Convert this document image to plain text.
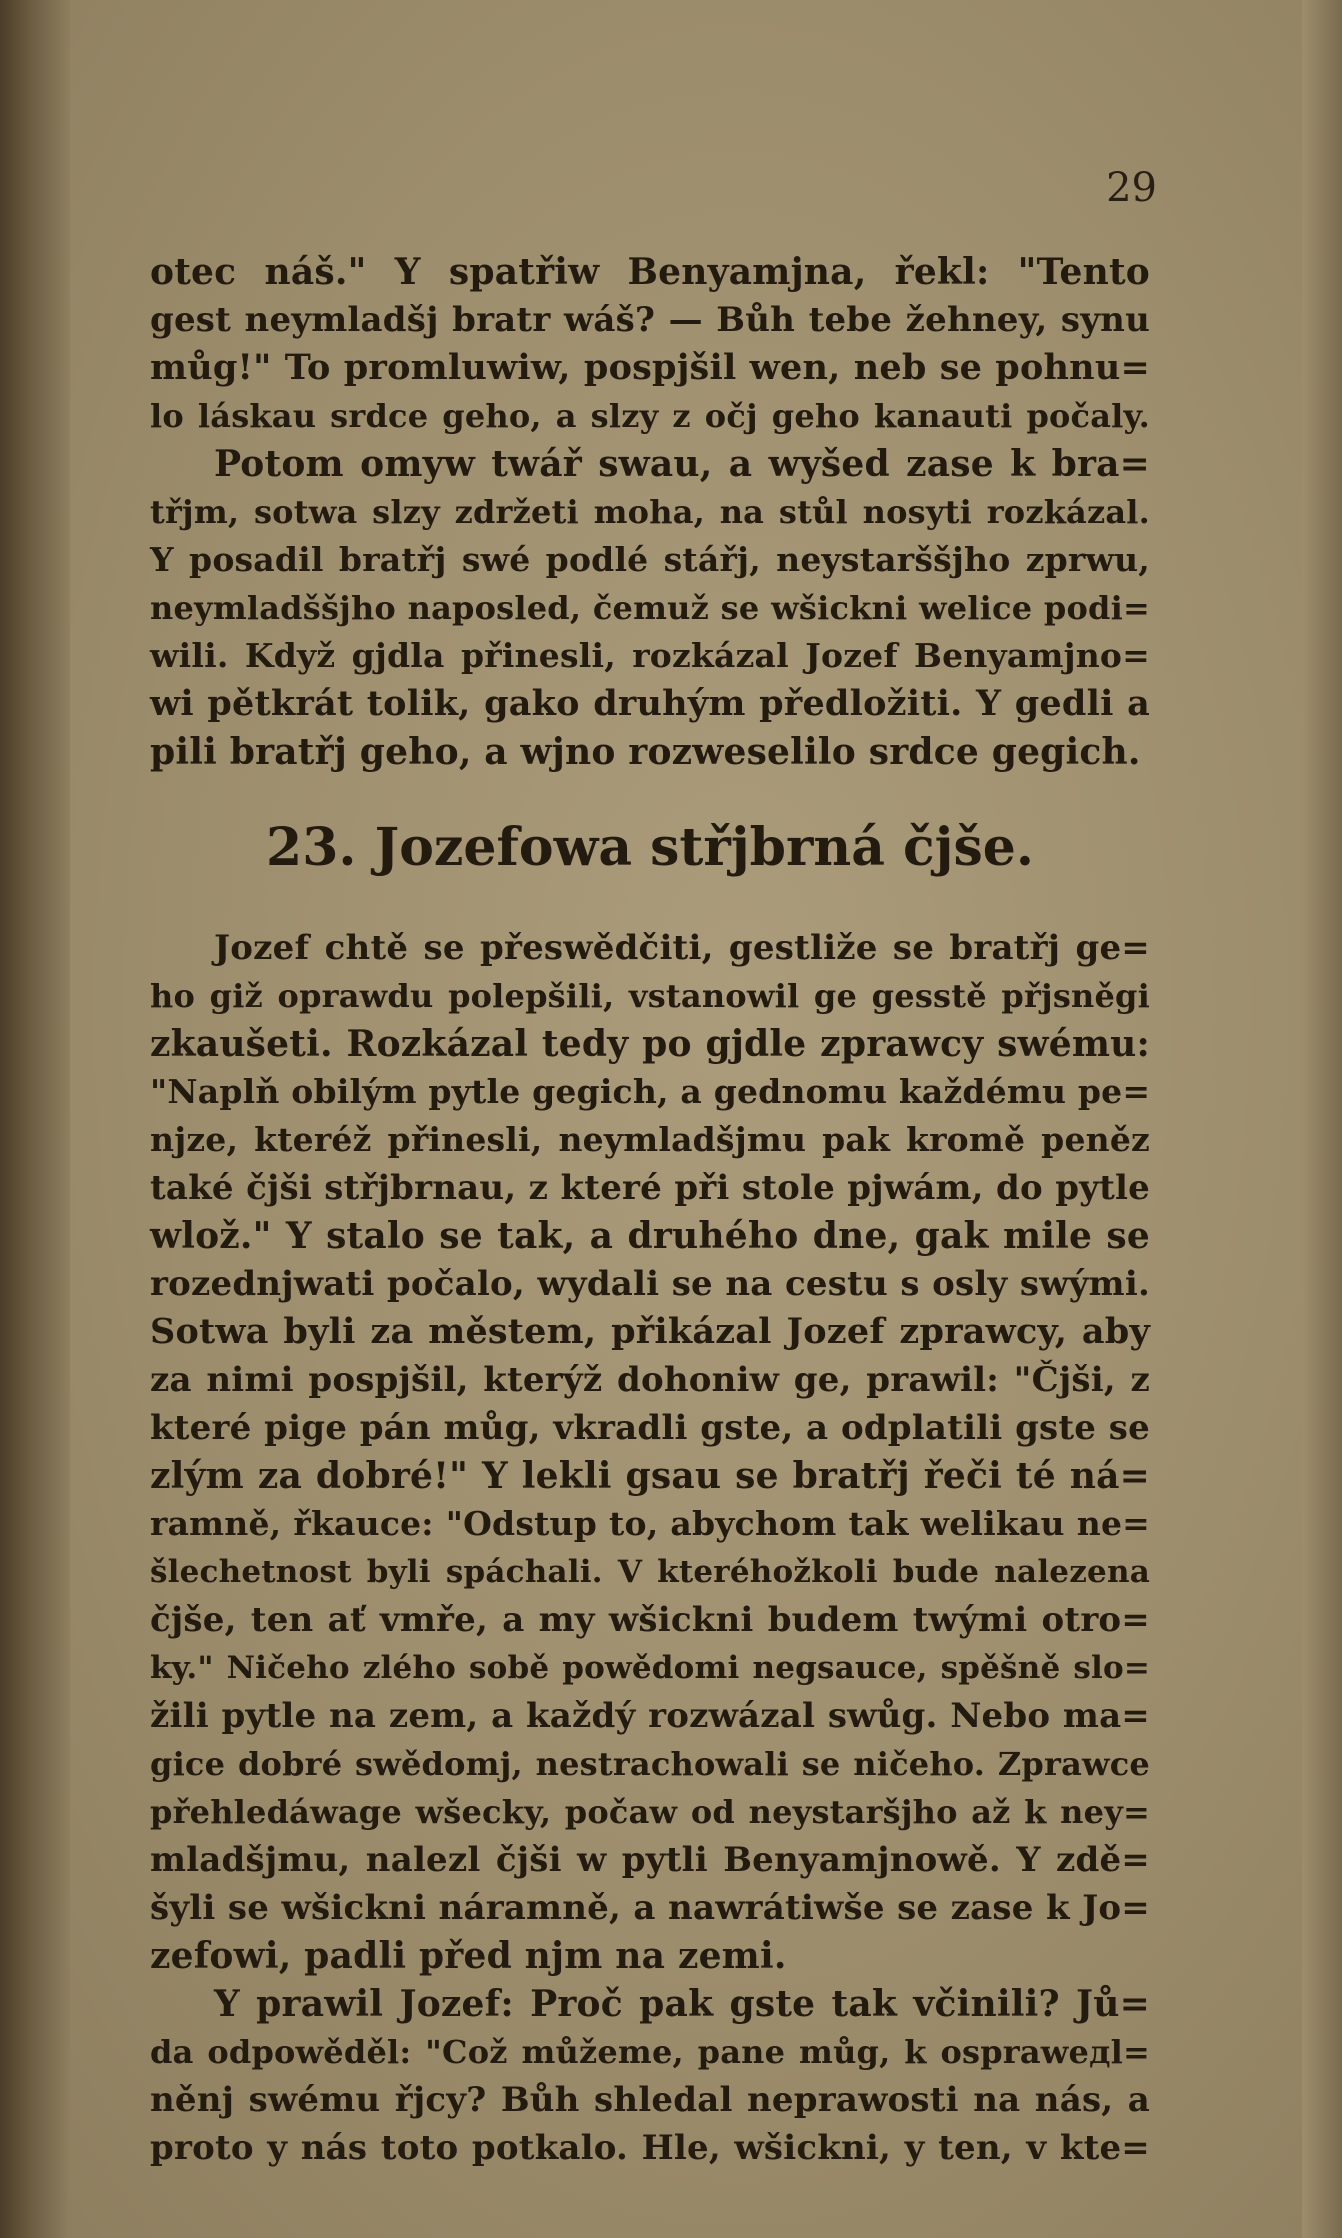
29
otec náš." Y spatřiw Benyamjna, řekl: "Tento
gest neymladšj bratr wáš? — Bůh tebe žehney, synu
můg!" To promluwiw, pospjšil wen, neb se pohnu=
lo láskau srdce geho, a slzy z očj geho kanauti počaly.
Potom omyw twář swau, a wyšed zase k bra=
třjm, sotwa slzy zdržeti moha, na stůl nosyti rozkázal.
Y posadil bratřj swé podlé stářj, neystarššjho zprwu,
neymladššjho naposled, čemuž se wšickni welice podi=
wili. Když gjdla přinesli, rozkázal Jozef Benyamjno=
wi pětkrát tolik, gako druhým předložiti. Y gedli a
pili bratřj geho, a wjno rozweselilo srdce gegich.
23. Jozefowa střjbrná čjše.
Jozef chtě se přeswědčiti, gestliže se bratřj ge=
ho giž oprawdu polepšili, vstanowil ge gesstě přjsněgi
zkaušeti. Rozkázal tedy po gjdle zprawcy swému:
"Naplň obilým pytle gegich, a gednomu každému pe=
njze, kteréž přinesli, neymladšjmu pak kromě peněz
také čjši střjbrnau, z které při stole pjwám, do pytle
wlož." Y stalo se tak, a druhého dne, gak mile se
rozednjwati počalo, wydali se na cestu s osly swými.
Sotwa byli za městem, přikázal Jozef zprawcy, aby
za nimi pospjšil, kterýž dohoniw ge, prawil: "Čjši, z
které pige pán můg, vkradli gste, a odplatili gste se
zlým za dobré!" Y lekli gsau se bratřj řeči té ná=
ramně, řkauce: "Odstup to, abychom tak welikau ne=
šlechetnost byli spáchali. V kteréhožkoli bude nalezena
čjše, ten ať vmře, a my wšickni budem twými otro=
ky." Ničeho zlého sobě powědomi negsauce, spěšně slo=
žili pytle na zem, a každý rozwázal swůg. Nebo ma=
gice dobré swědomj, nestrachowali se ničeho. Zprawce
přehledáwage wšecky, počaw od neystaršjho až k ney=
mladšjmu, nalezl čjši w pytli Benyamjnowě. Y zdě=
šyli se wšickni náramně, a nawrátiwše se zase k Jo=
zefowi, padli před njm na zemi.
Y prawil Jozef: Proč pak gste tak včinili? Jů=
da odpowěděl: "Což můžeme, pane můg, k ospraweдl=
něnj swému řjcy? Bůh shledal neprawosti na nás, a
proto y nás toto potkalo. Hle, wšickni, y ten, v kte=
